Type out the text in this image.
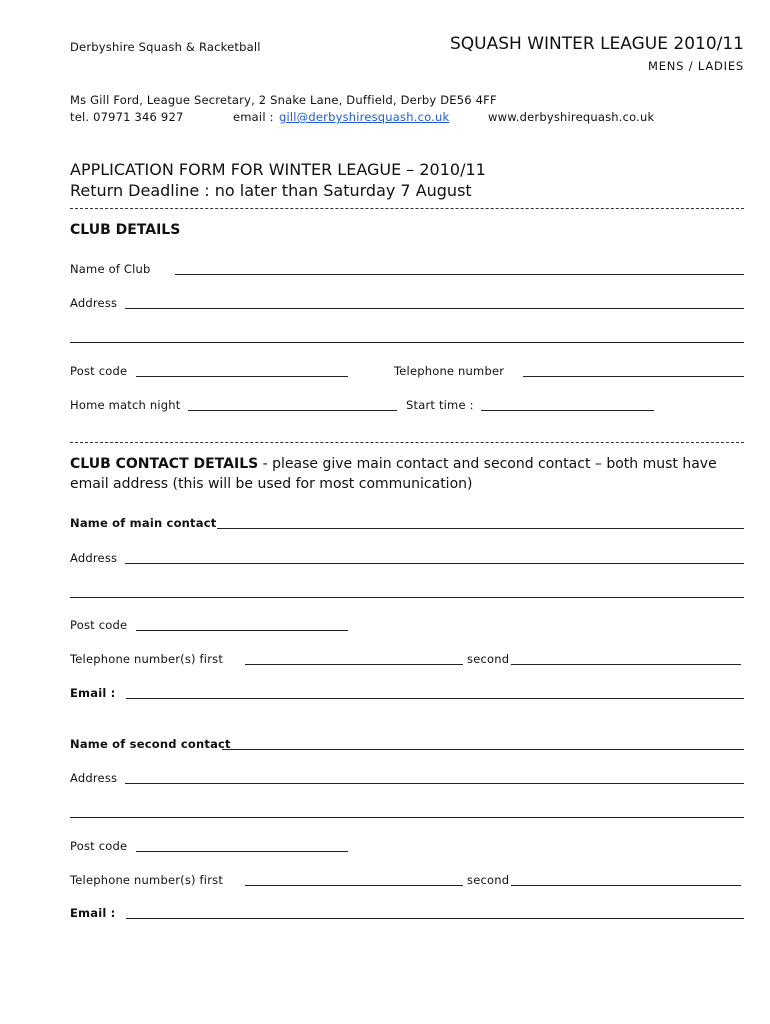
Derbyshire Squash & Racketball	SQUASH WINTER LEAGUE 2010/11
MENS / LADIES
Ms Gill Ford, League Secretary, 2 Snake Lane, Duffield, Derby DE56 4FF
tel. 07971 346 927	email : gill@derbyshiresquash.co.uk	www.derbyshirequash.co.uk
APPLICATION FORM FOR WINTER LEAGUE – 2010/11
Return Deadline : no later than Saturday 7 August
CLUB DETAILS
Name of Club
Address
Post code	Telephone number
Home match night	Start time :
CLUB CONTACT DETAILS - please give main contact and second contact – both must have
email address (this will be used for most communication)
Name of main contact
Address
Post code
Telephone number(s) first	second
Email :
Name of second contact
Address
Post code
Telephone number(s) first	second
Email :
